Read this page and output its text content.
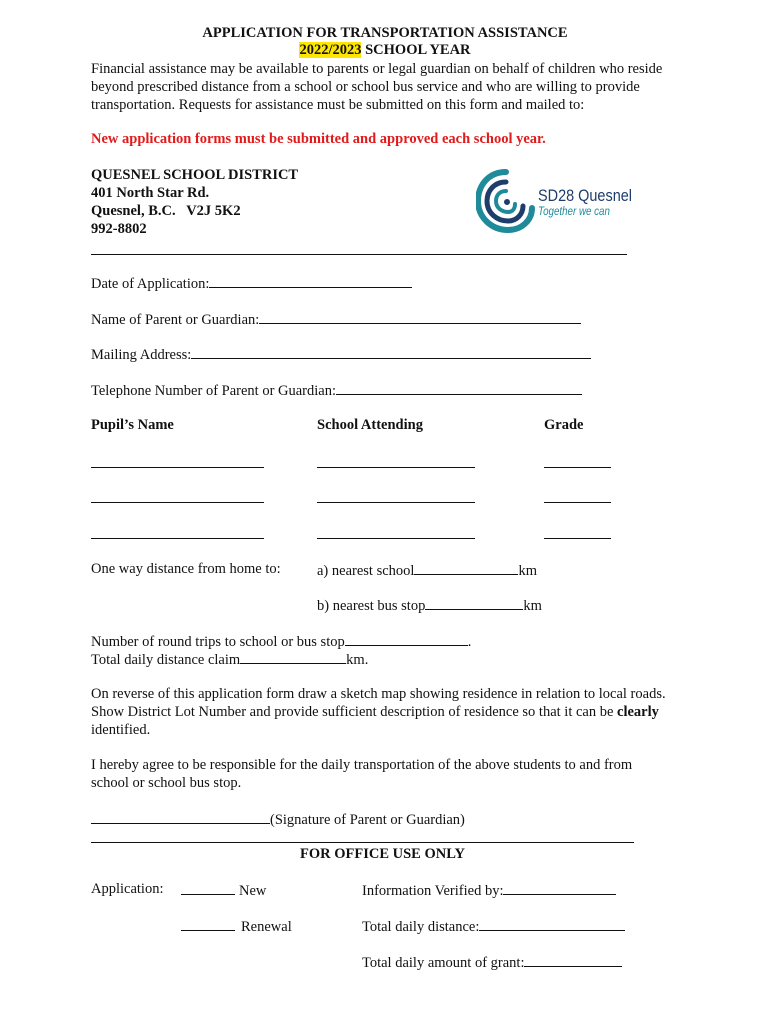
APPLICATION FOR TRANSPORTATION ASSISTANCE
2022/2023 SCHOOL YEAR
Financial assistance may be available to parents or legal guardian on behalf of children who reside beyond prescribed distance from a school or school bus service and who are willing to provide transportation. Requests for assistance must be submitted on this form and mailed to:
New application forms must be submitted and approved each school year.
QUESNEL SCHOOL DISTRICT
401 North Star Rd.
Quesnel, B.C.   V2J 5K2
992-8802
SD28 Quesnel
Together we can
Date of Application:
Name of Parent or Guardian:
Mailing Address:
Telephone Number of Parent or Guardian:
Pupil’s Name	School Attending	Grade
One way distance from home to:	a) nearest school	km
b) nearest bus stop	km
Number of round trips to school or bus stop	.
Total daily distance claim	km.
On reverse of this application form draw a sketch map showing residence in relation to local roads. Show District Lot Number and provide sufficient description of residence so that it can be clearly identified.
I hereby agree to be responsible for the daily transportation of the above students to and from school or school bus stop.
(Signature of Parent or Guardian)
FOR OFFICE USE ONLY
Application:	New
Renewal
Information Verified by:
Total daily distance:
Total daily amount of grant:
